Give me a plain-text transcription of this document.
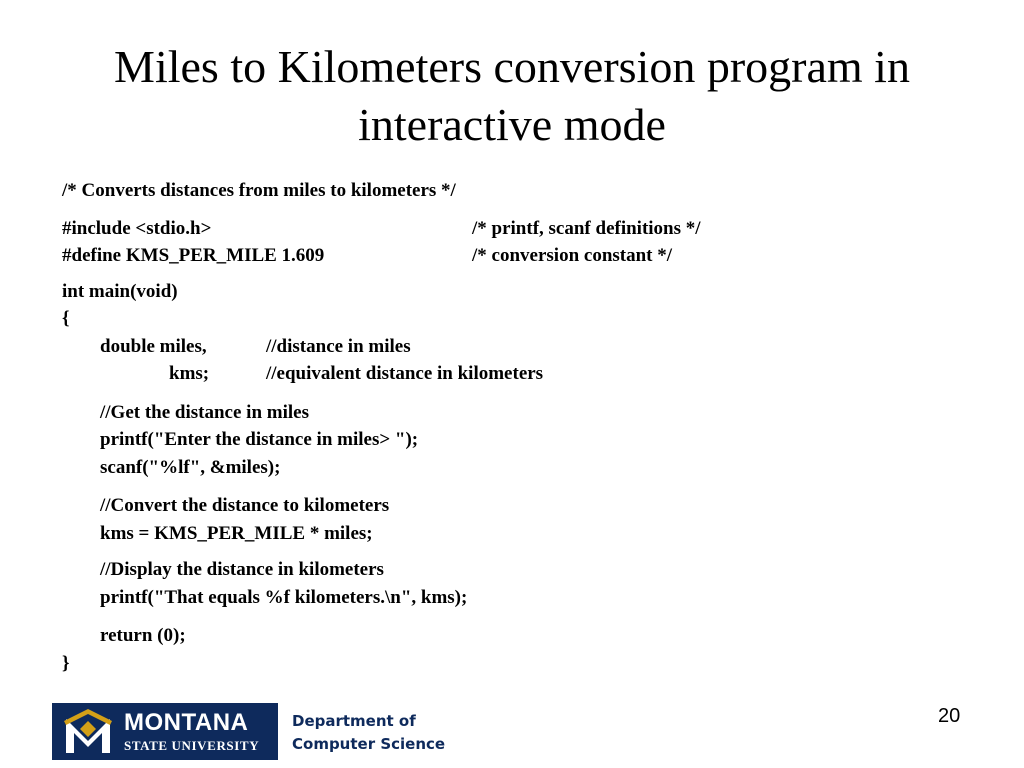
Miles to Kilometers conversion program in
interactive mode
/* Converts distances from miles to kilometers */
#include <stdio.h>	/* printf, scanf definitions */
#define KMS_PER_MILE 1.609	/* conversion constant */
int main(void)
{
double miles,	//distance in miles
kms;	//equivalent distance in kilometers
//Get the distance in miles
printf("Enter the distance in miles> ");
scanf("%lf", &miles);
//Convert the distance to kilometers
kms = KMS_PER_MILE * miles;
//Display the distance in kilometers
printf("That equals %f kilometers.\n", kms);
return (0);
}
20
MONTANA
STATE UNIVERSITY
Department of
Computer Science
